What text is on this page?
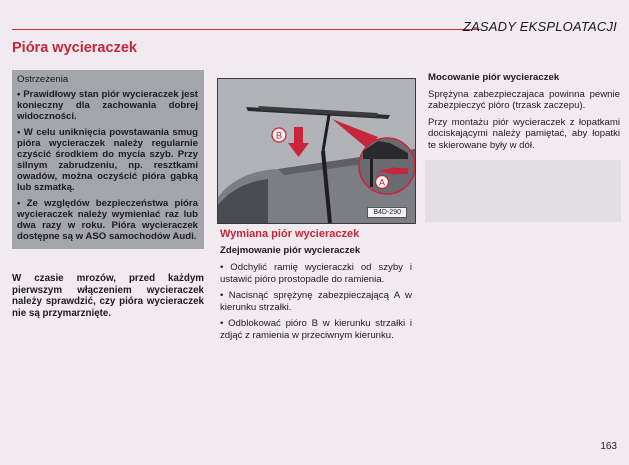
ZASADY EKSPLOATACJI
Pióra wycieraczek
Ostrzeżenia

• Prawidłowy stan piór wycieraczek jest konieczny dla zachowania dobrej widoczności.

• W celu uniknięcia powstawania smug pióra wycieraczek należy regularnie czyścić środkiem do mycia szyb. Przy silnym zabrudzeniu, np. resztkami owadów, można oczyścić pióra gąbką lub szmatką.

• Ze względów bezpieczeństwa pióra wycieraczek należy wymieniać raz lub dwa razy w roku. Pióra wycieraczek dostępne są w ASO samochodów Audi.

W czasie mrozów, przed każdym pierwszym włączeniem wycieraczek należy sprawdzić, czy pióra wycieraczek nie są przymarznięte.
A
B
B4D-290
Wymiana piór wycieraczek
Zdejmowanie piór wycieraczek

• Odchylić ramię wycieraczki od szyby i ustawić pióro prostopadle do ramienia.

• Nacisnąć sprężynę zabezpieczającą A w kierunku strzałki.

• Odblokować pióro B w kierunku strzałki i zdjąć z ramienia w przeciwnym kierunku.

Mocowanie piór wycieraczek

Sprężyna zabezpieczajaca powinna pewnie zabezpieczyć pióro (trzask zaczepu).

Przy montażu piór wycieraczek z łopatkami dociskającymi należy pamiętać, aby łopatki te skierowane były w dół.

163
